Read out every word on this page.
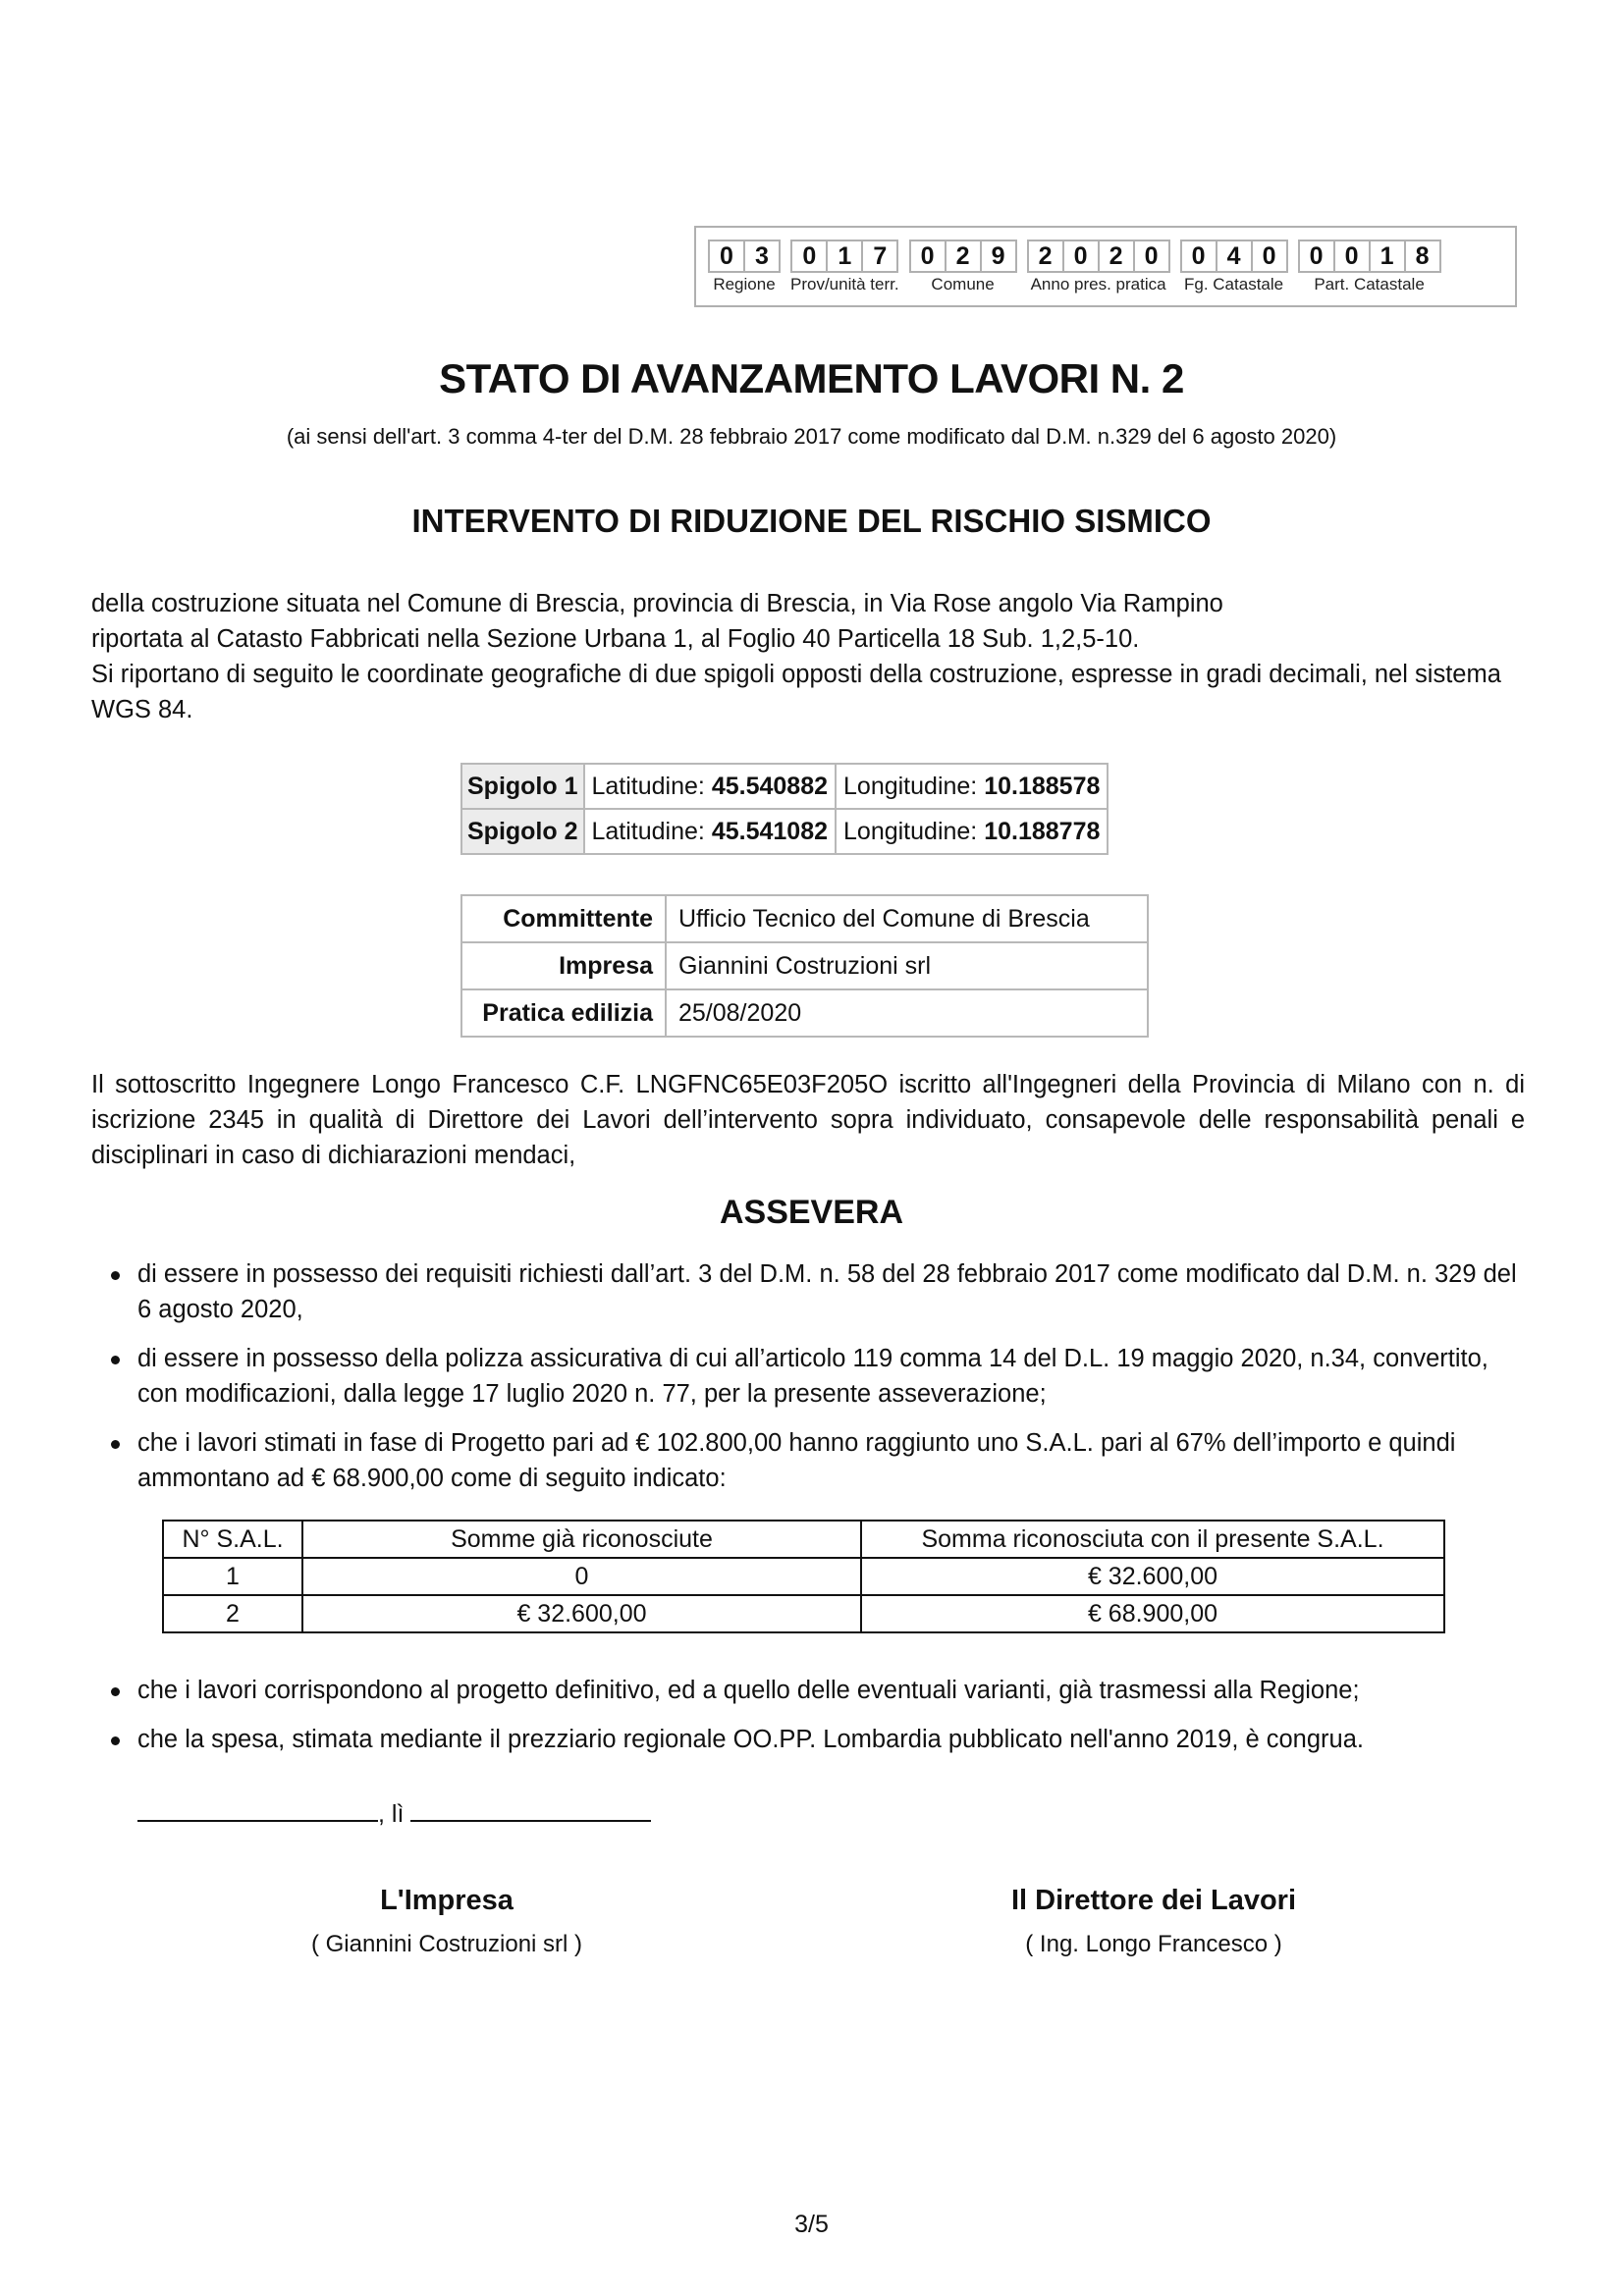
0 3
Regione
0 1 7
Prov/unità terr.
0 2 9
Comune
2 0 2 0
Anno pres. pratica
0 4 0
Fg. Catastale
0 0 1 8
Part. Catastale
STATO DI AVANZAMENTO LAVORI N. 2
(ai sensi dell'art. 3 comma 4-ter del D.M. 28 febbraio 2017 come modificato dal D.M. n.329 del 6 agosto 2020)
INTERVENTO DI RIDUZIONE DEL RISCHIO SISMICO
della costruzione situata nel Comune di Brescia, provincia di Brescia, in Via Rose angolo Via Rampino
riportata al Catasto Fabbricati nella Sezione Urbana 1, al Foglio 40 Particella 18 Sub. 1,2,5-10.
Si riportano di seguito le coordinate geografiche di due spigoli opposti della costruzione, espresse in gradi decimali, nel sistema WGS 84.
Spigolo 1	Latitudine: 45.540882	Longitudine: 10.188578
Spigolo 2	Latitudine: 45.541082	Longitudine: 10.188778
Committente	Ufficio Tecnico del Comune di Brescia
Impresa	Giannini Costruzioni srl
Pratica edilizia	25/08/2020
Il sottoscritto Ingegnere Longo Francesco C.F. LNGFNC65E03F205O iscritto all'Ingegneri della Provincia di Milano con n. di iscrizione 2345 in qualità di Direttore dei Lavori dell’intervento sopra individuato, consapevole delle responsabilità penali e disciplinari in caso di dichiarazioni mendaci,
ASSEVERA
di essere in possesso dei requisiti richiesti dall’art. 3 del D.M. n. 58 del 28 febbraio 2017 come modificato dal D.M. n. 329 del 6 agosto 2020,
di essere in possesso della polizza assicurativa di cui all’articolo 119 comma 14 del D.L. 19 maggio 2020, n.34, convertito, con modificazioni, dalla legge 17 luglio 2020 n. 77, per la presente asseverazione;
che i lavori stimati in fase di Progetto pari ad € 102.800,00 hanno raggiunto uno S.A.L. pari al 67% dell’importo e quindi ammontano ad € 68.900,00 come di seguito indicato:
N° S.A.L.	Somme già riconosciute	Somma riconosciuta con il presente S.A.L.
1	0	€ 32.600,00
2	€ 32.600,00	€ 68.900,00
che i lavori corrispondono al progetto definitivo, ed a quello delle eventuali varianti, già trasmessi alla Regione;
che la spesa, stimata mediante il prezziario regionale OO.PP. Lombardia pubblicato nell'anno 2019, è congrua.
, lì
L'Impresa
( Giannini Costruzioni srl )
Il Direttore dei Lavori
( Ing. Longo Francesco )
3/5
